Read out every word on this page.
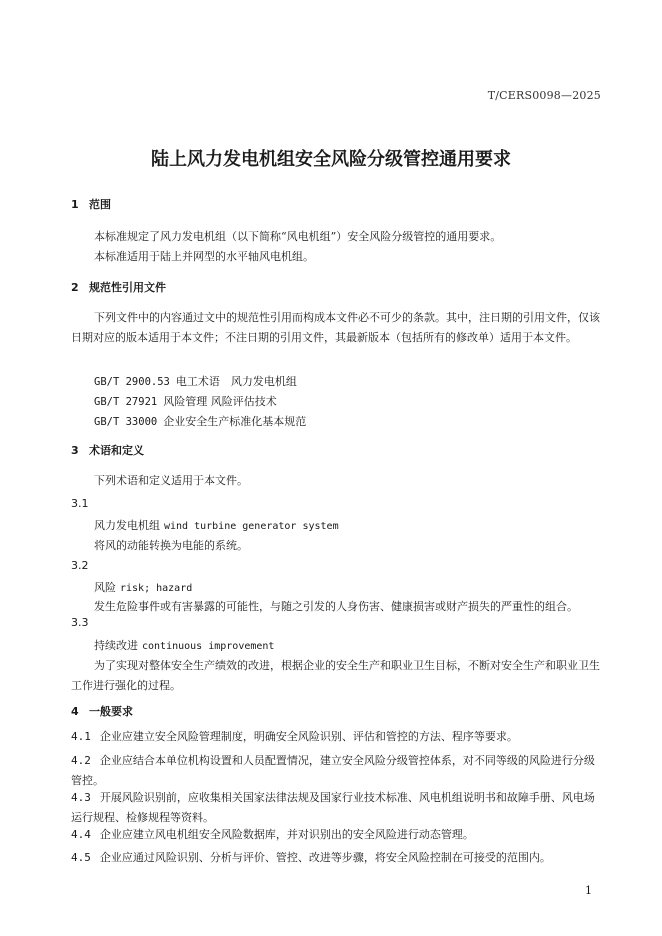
T/CERS0098—2025
陆上风力发电机组安全风险分级管控通用要求
1 范围
本标准规定了风力发电机组（以下简称“风电机组”）安全风险分级管控的通用要求。
本标准适用于陆上并网型的水平轴风电机组。
2 规范性引用文件
下列文件中的内容通过文中的规范性引用而构成本文件必不可少的条款。其中，注日期的引用文件，仅该日期对应的版本适用于本文件；不注日期的引用文件，其最新版本（包括所有的修改单）适用于本文件。
GB/T 2900.53 电工术语　风力发电机组
GB/T 27921 风险管理 风险评估技术
GB/T 33000 企业安全生产标准化基本规范
3 术语和定义
下列术语和定义适用于本文件。
3.1
风力发电机组 wind turbine generator system
将风的动能转换为电能的系统。
3.2
风险 risk; hazard
发生危险事件或有害暴露的可能性，与随之引发的人身伤害、健康损害或财产损失的严重性的组合。
3.3
持续改进 continuous improvement
为了实现对整体安全生产绩效的改进，根据企业的安全生产和职业卫生目标，不断对安全生产和职业卫生工作进行强化的过程。
4 一般要求
4.1 企业应建立安全风险管理制度，明确安全风险识别、评估和管控的方法、程序等要求。
4.2 企业应结合本单位机构设置和人员配置情况，建立安全风险分级管控体系，对不同等级的风险进行分级管控。
4.3 开展风险识别前，应收集相关国家法律法规及国家行业技术标准、风电机组说明书和故障手册、风电场运行规程、检修规程等资料。
4.4 企业应建立风电机组安全风险数据库，并对识别出的安全风险进行动态管理。
4.5 企业应通过风险识别、分析与评价、管控、改进等步骤，将安全风险控制在可接受的范围内。
1
